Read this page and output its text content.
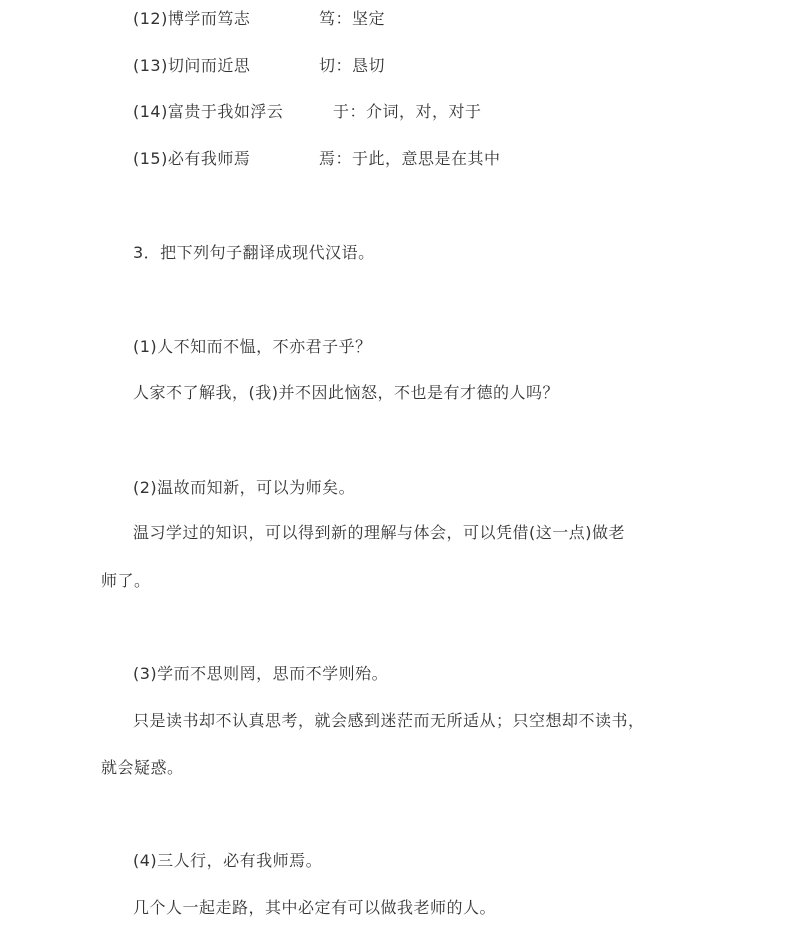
(12)博学而笃志	笃：坚定
(13)切问而近思	切：恳切
(14)富贵于我如浮云	于：介词，对，对于
(15)必有我师焉	焉：于此，意思是在其中

3．把下列句子翻译成现代汉语。

(1)人不知而不愠，不亦君子乎？

人家不了解我，(我)并不因此恼怒，不也是有才德的人吗？

(2)温故而知新，可以为师矣。

温习学过的知识，可以得到新的理解与体会，可以凭借(这一点)做老

师了。

(3)学而不思则罔，思而不学则殆。

只是读书却不认真思考，就会感到迷茫而无所适从；只空想却不读书，

就会疑惑。

(4)三人行，必有我师焉。

几个人一起走路，其中必定有可以做我老师的人。
